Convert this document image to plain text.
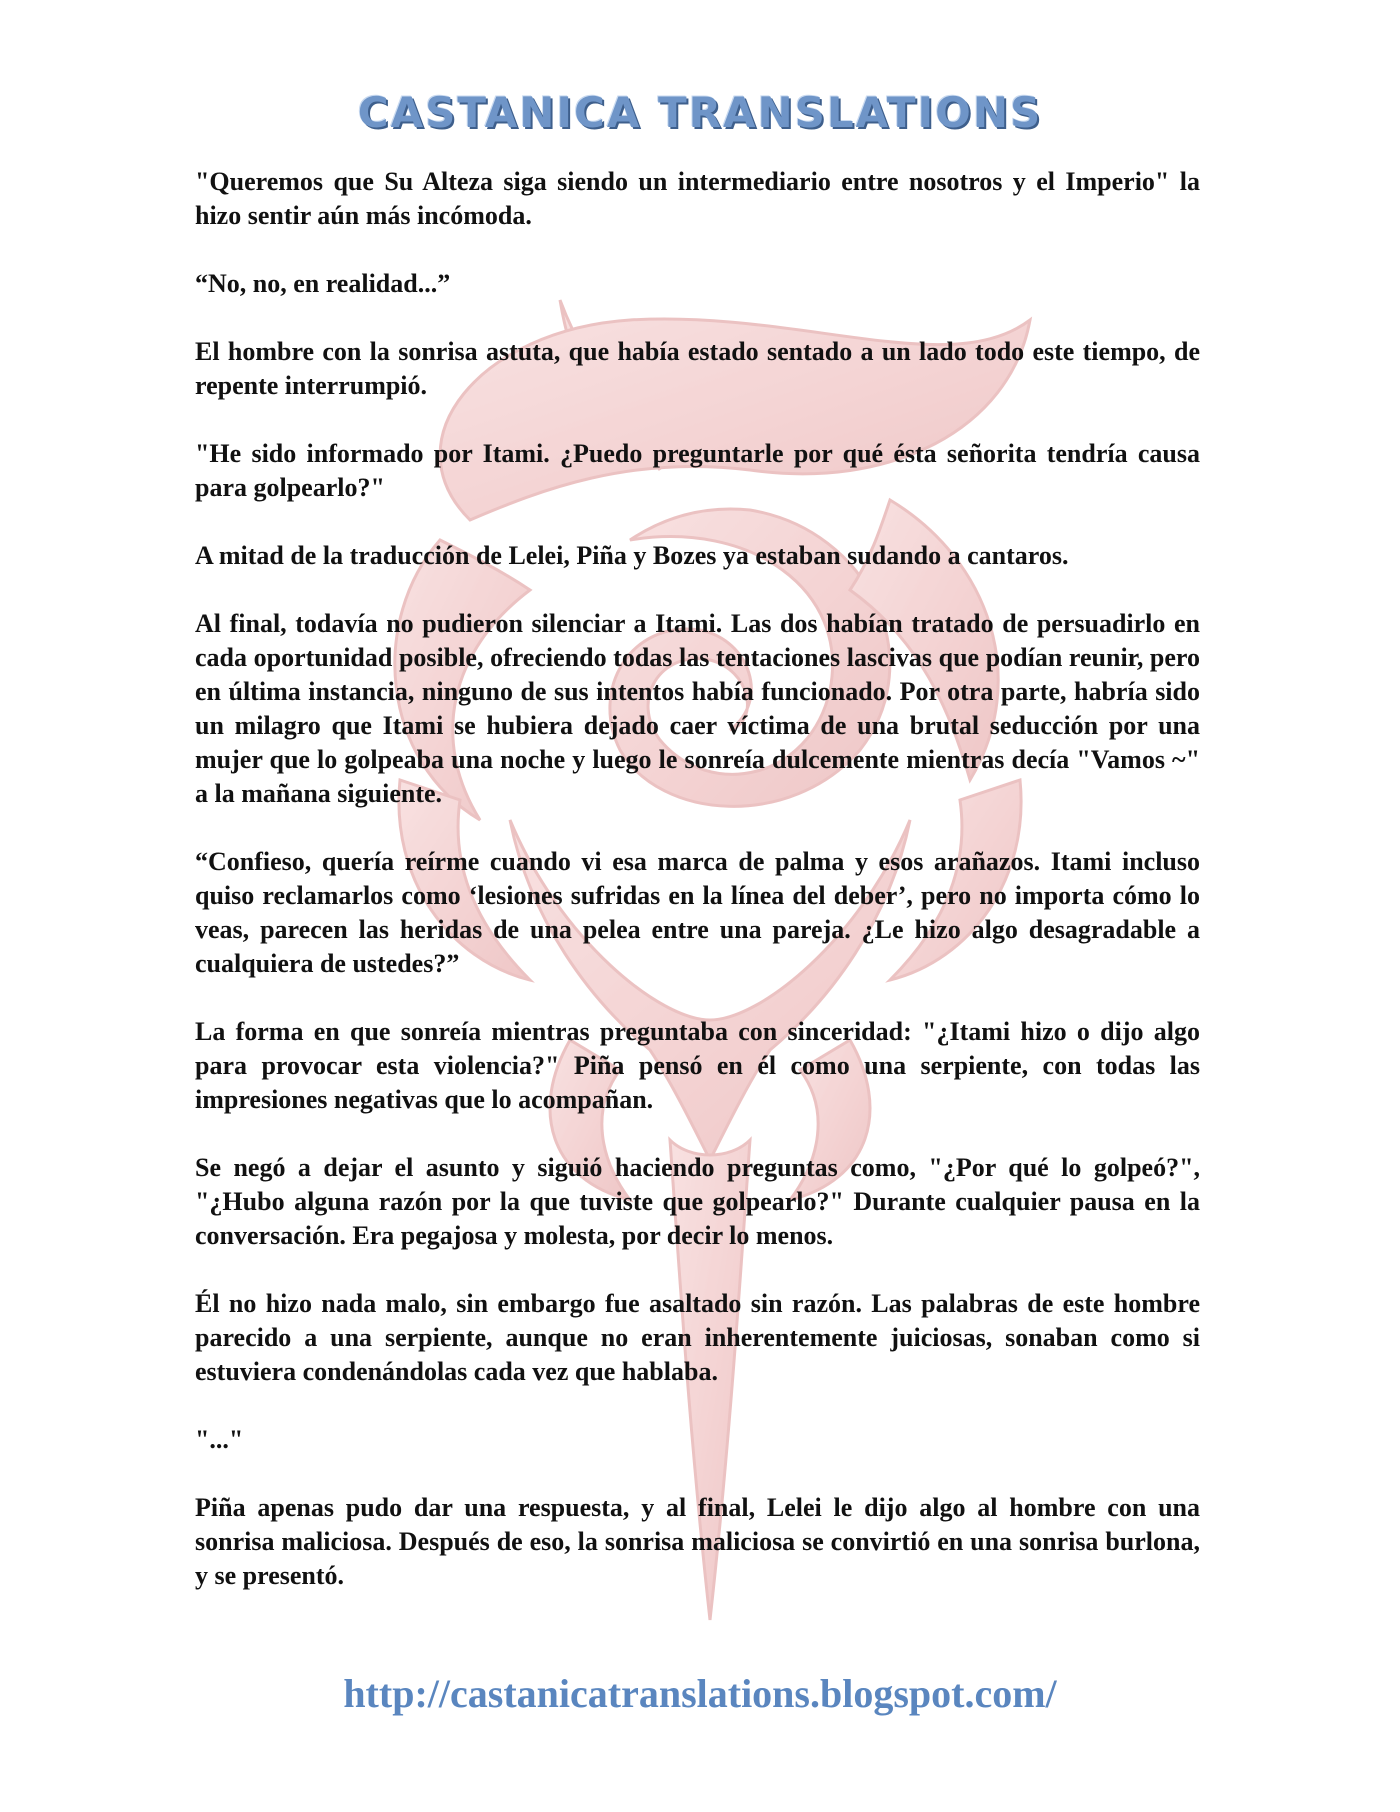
CASTANICA TRANSLATIONS

"Queremos que Su Alteza siga siendo un intermediario entre nosotros y el Imperio" la hizo sentir aún más incómoda.

“No, no, en realidad...”

El hombre con la sonrisa astuta, que había estado sentado a un lado todo este tiempo, de repente interrumpió.

"He sido informado por Itami. ¿Puedo preguntarle por qué ésta señorita tendría causa para golpearlo?"

A mitad de la traducción de Lelei, Piña y Bozes ya estaban sudando a cantaros.

Al final, todavía no pudieron silenciar a Itami. Las dos habían tratado de persuadirlo en cada oportunidad posible, ofreciendo todas las tentaciones lascivas que podían reunir, pero en última instancia, ninguno de sus intentos había funcionado. Por otra parte, habría sido un milagro que Itami se hubiera dejado caer víctima de una brutal seducción por una mujer que lo golpeaba una noche y luego le sonreía dulcemente mientras decía "Vamos ~" a la mañana siguiente.

“Confieso, quería reírme cuando vi esa marca de palma y esos arañazos. Itami incluso quiso reclamarlos como ‘lesiones sufridas en la línea del deber’, pero no importa cómo lo veas, parecen las heridas de una pelea entre una pareja. ¿Le hizo algo desagradable a cualquiera de ustedes?”

La forma en que sonreía mientras preguntaba con sinceridad: "¿Itami hizo o dijo algo para provocar esta violencia?" Piña pensó en él como una serpiente, con todas las impresiones negativas que lo acompañan.

Se negó a dejar el asunto y siguió haciendo preguntas como, "¿Por qué lo golpeó?", "¿Hubo alguna razón por la que tuviste que golpearlo?" Durante cualquier pausa en la conversación. Era pegajosa y molesta, por decir lo menos.

Él no hizo nada malo, sin embargo fue asaltado sin razón. Las palabras de este hombre parecido a una serpiente, aunque no eran inherentemente juiciosas, sonaban como si estuviera condenándolas cada vez que hablaba.

"..."

Piña apenas pudo dar una respuesta, y al final, Lelei le dijo algo al hombre con una sonrisa maliciosa. Después de eso, la sonrisa maliciosa se convirtió en una sonrisa burlona, y se presentó.

http://castanicatranslations.blogspot.com/
